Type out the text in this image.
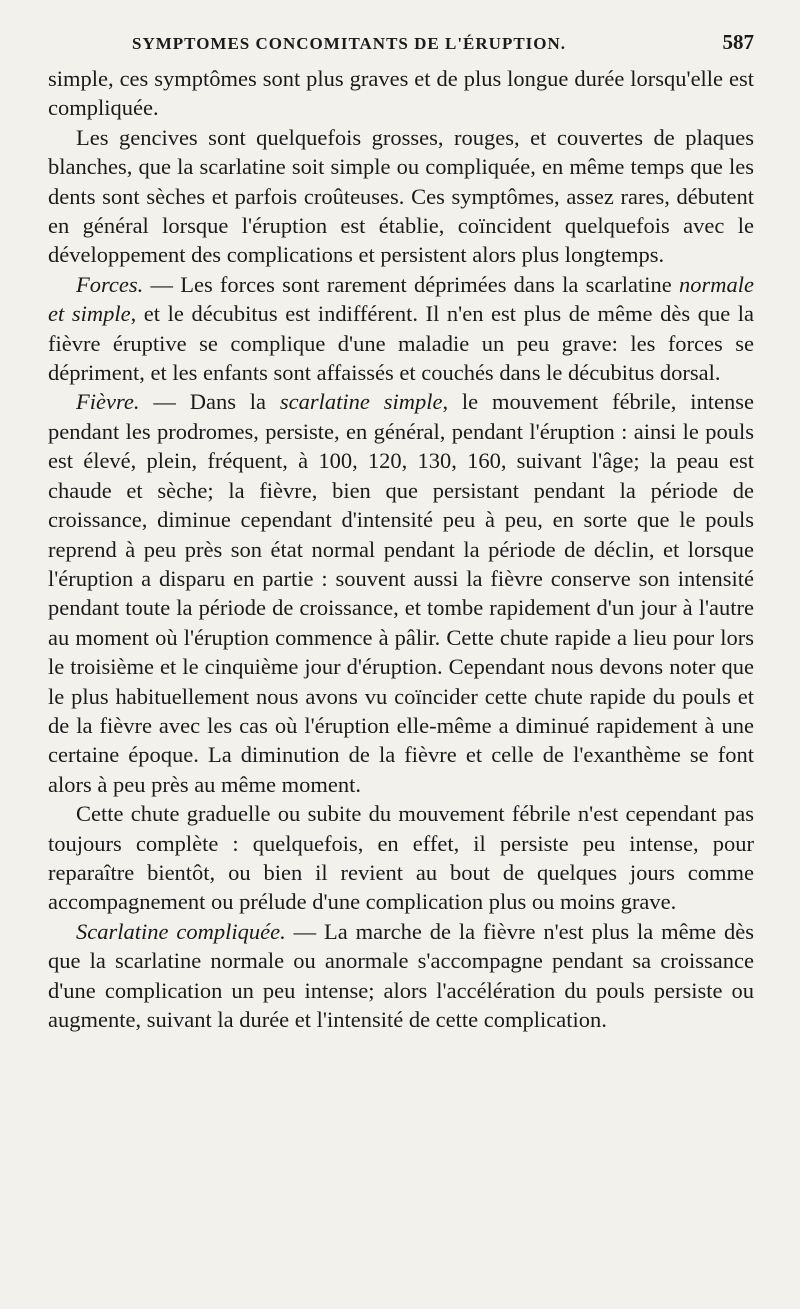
SYMPTOMES CONCOMITANTS DE L'ÉRUPTION.	587

simple, ces symptômes sont plus graves et de plus longue durée lorsqu'elle est compliquée.

Les gencives sont quelquefois grosses, rouges, et couvertes de plaques blanches, que la scarlatine soit simple ou compliquée, en même temps que les dents sont sèches et parfois croûteuses. Ces symptômes, assez rares, débutent en général lorsque l'éruption est établie, coïncident quelquefois avec le développement des complications et persistent alors plus longtemps.

Forces. — Les forces sont rarement déprimées dans la scarlatine normale et simple, et le décubitus est indifférent. Il n'en est plus de même dès que la fièvre éruptive se complique d'une maladie un peu grave: les forces se dépriment, et les enfants sont affaissés et couchés dans le décubitus dorsal.

Fièvre. — Dans la scarlatine simple, le mouvement fébrile, intense pendant les prodromes, persiste, en général, pendant l'éruption : ainsi le pouls est élevé, plein, fréquent, à 100, 120, 130, 160, suivant l'âge; la peau est chaude et sèche; la fièvre, bien que persistant pendant la période de croissance, diminue cependant d'intensité peu à peu, en sorte que le pouls reprend à peu près son état normal pendant la période de déclin, et lorsque l'éruption a disparu en partie : souvent aussi la fièvre conserve son intensité pendant toute la période de croissance, et tombe rapidement d'un jour à l'autre au moment où l'éruption commence à pâlir. Cette chute rapide a lieu pour lors le troisième et le cinquième jour d'éruption. Cependant nous devons noter que le plus habituellement nous avons vu coïncider cette chute rapide du pouls et de la fièvre avec les cas où l'éruption elle-même a diminué rapidement à une certaine époque. La diminution de la fièvre et celle de l'exanthème se font alors à peu près au même moment.

Cette chute graduelle ou subite du mouvement fébrile n'est cependant pas toujours complète : quelquefois, en effet, il persiste peu intense, pour reparaître bientôt, ou bien il revient au bout de quelques jours comme accompagnement ou prélude d'une complication plus ou moins grave.

Scarlatine compliquée. — La marche de la fièvre n'est plus la même dès que la scarlatine normale ou anormale s'accompagne pendant sa croissance d'une complication un peu intense; alors l'accélération du pouls persiste ou augmente, suivant la durée et l'intensité de cette complication.
